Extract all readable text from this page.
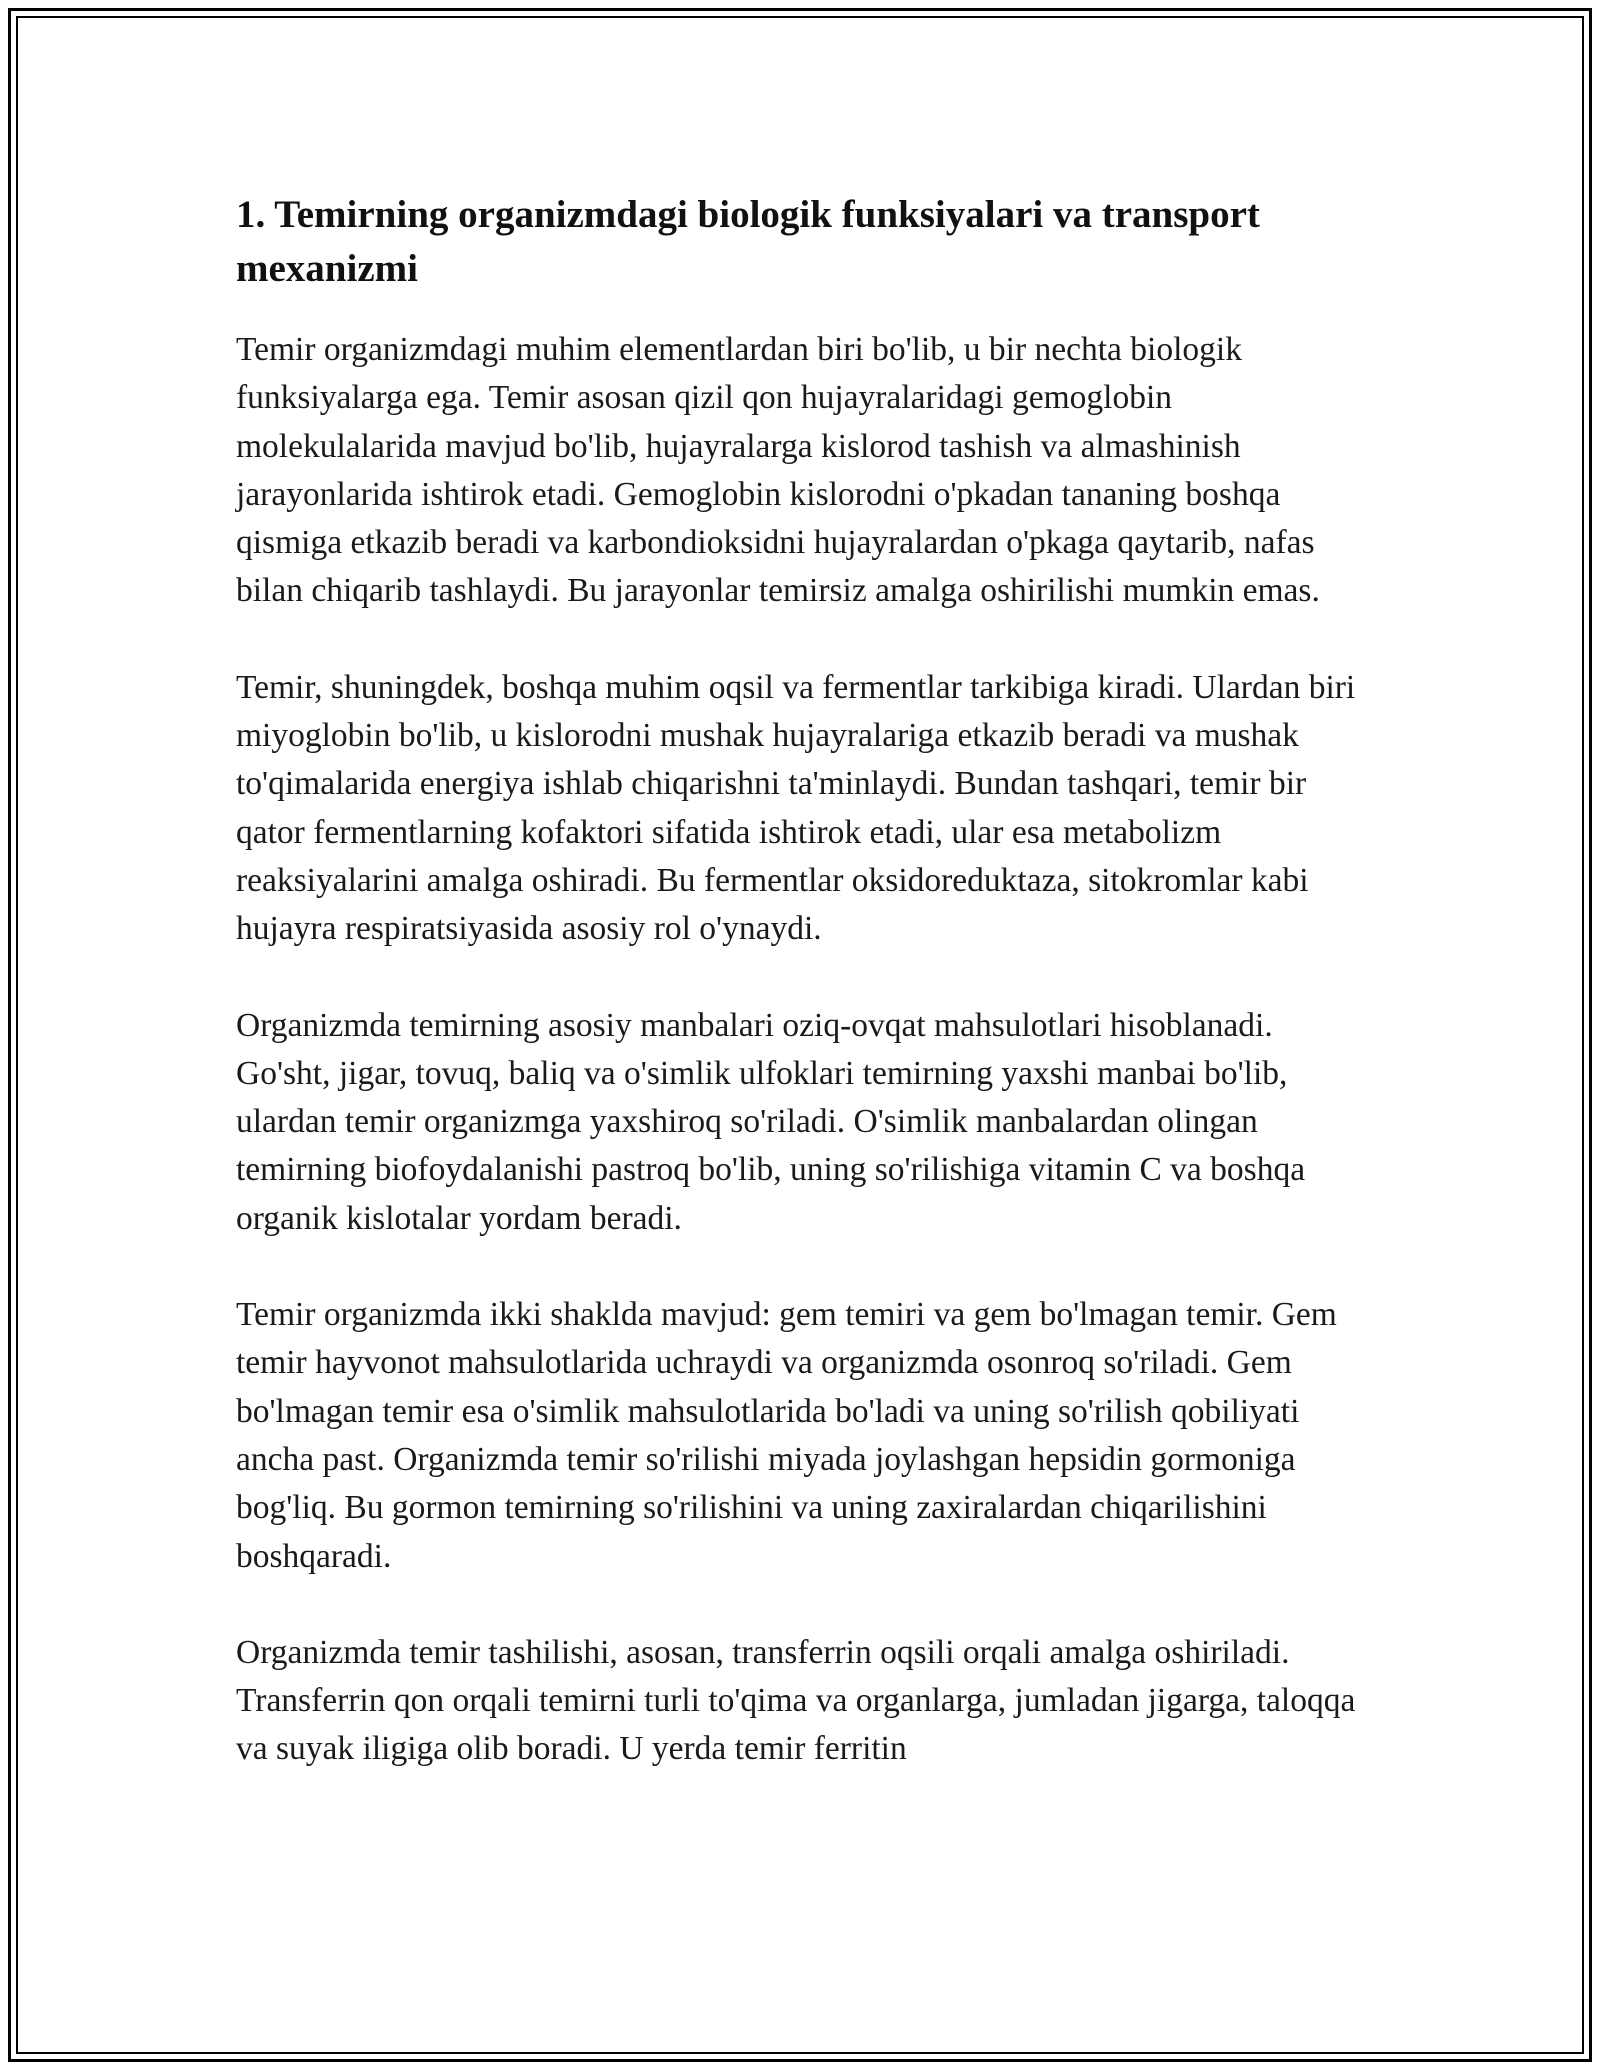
1. Temirning organizmdagi biologik funksiyalari va transport mexanizmi

Temir organizmdagi muhim elementlardan biri bo'lib, u bir nechta biologik funksiyalarga ega. Temir asosan qizil qon hujayralaridagi gemoglobin molekulalarida mavjud bo'lib, hujayralarga kislorod tashish va almashinish jarayonlarida ishtirok etadi. Gemoglobin kislorodni o'pkadan tananing boshqa qismiga etkazib beradi va karbondioksidni hujayralardan o'pkaga qaytarib, nafas bilan chiqarib tashlaydi. Bu jarayonlar temirsiz amalga oshirilishi mumkin emas.

Temir, shuningdek, boshqa muhim oqsil va fermentlar tarkibiga kiradi. Ulardan biri miyoglobin bo'lib, u kislorodni mushak hujayralariga etkazib beradi va mushak to'qimalarida energiya ishlab chiqarishni ta'minlaydi. Bundan tashqari, temir bir qator fermentlarning kofaktori sifatida ishtirok etadi, ular esa metabolizm reaksiyalarini amalga oshiradi. Bu fermentlar oksidoreduktaza, sitokromlar kabi hujayra respiratsiyasida asosiy rol o'ynaydi.

Organizmda temirning asosiy manbalari oziq-ovqat mahsulotlari hisoblanadi. Go'sht, jigar, tovuq, baliq va o'simlik ulfoklari temirning yaxshi manbai bo'lib, ulardan temir organizmga yaxshiroq so'riladi. O'simlik manbalardan olingan temirning biofoydalanishi pastroq bo'lib, uning so'rilishiga vitamin C va boshqa organik kislotalar yordam beradi.

Temir organizmda ikki shaklda mavjud: gem temiri va gem bo'lmagan temir. Gem temir hayvonot mahsulotlarida uchraydi va organizmda osonroq so'riladi. Gem bo'lmagan temir esa o'simlik mahsulotlarida bo'ladi va uning so'rilish qobiliyati ancha past. Organizmda temir so'rilishi miyada joylashgan hepsidin gormoniga bog'liq. Bu gormon temirning so'rilishini va uning zaxiralardan chiqarilishini boshqaradi.

Organizmda temir tashilishi, asosan, transferrin oqsili orqali amalga oshiriladi. Transferrin qon orqali temirni turli to'qima va organlarga, jumladan jigarga, taloqqa va suyak iligiga olib boradi. U yerda temir ferritin
